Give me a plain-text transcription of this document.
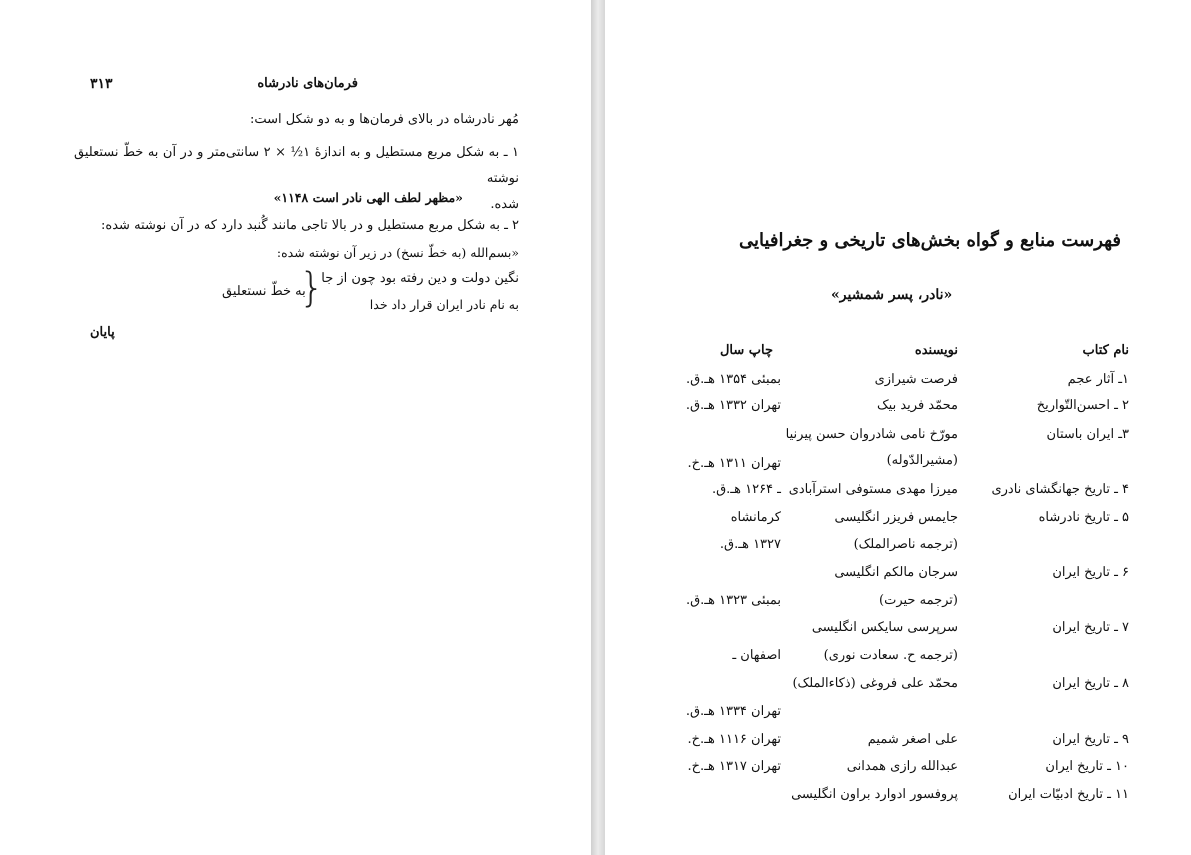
۳۱۳	فرمان‌های نادرشاه
مُهر نادرشاه در بالای فرمان‌ها و به دو شکل است:
۱ ـ به شکل مربع مستطیل و به اندازهٔ ۱½ × ۲ سانتی‌متر و در آن به خطّ نستعلیق نوشته
شده.
«مظهر لطف الهی نادر است ۱۱۴۸»
۲ ـ به شکل مربع مستطیل و در بالا تاجی مانند گُنبد دارد که در آن نوشته شده:
«بسم‌الله (به خطّ نسخ) در زیر آن نوشته شده:
نگین دولت و دین رفته بود چون از جا
به نام نادر ایران قرار داد خدا
}
به خطّ نستعلیق
پایان
فهرست منابع و گواه بخش‌های تاریخی و جغرافیایی
«نادر، پسر شمشیر»
نام کتاب
نویسنده
چاپ سال
۱ـ آثار عجم
فرصت شیرازی
بمبئی ۱۳۵۴ هـ.ق.
۲ ـ احسن‌التّواریخ
محمّد فرید بیک
تهران ۱۳۳۲ هـ.ق.
۳ـ ایران باستان
مورّخ نامی شادروان حسن پیرنیا
(مشیرالدّوله)
تهران ۱۳۱۱ هـ.خ.
۴ ـ تاریخ جهانگشای نادری
میرزا مهدی مستوفی استرآبادی
ـ ۱۲۶۴ هـ.ق.
۵ ـ تاریخ نادرشاه
جایمس فریزر انگلیسی
کرمانشاه
(ترجمه ناصرالملک)
۱۳۲۷ هـ.ق.
۶ ـ تاریخ ایران
سرجان مالکم انگلیسی
(ترجمه حیرت)
بمبئی ۱۳۲۳ هـ.ق.
۷ ـ تاریخ ایران
سرپرسی سایکس انگلیسی
(ترجمه ح. سعادت نوری)
اصفهان ـ
۸ ـ تاریخ ایران
محمّد علی فروغی (ذکاءالملک)
تهران ۱۳۳۴ هـ.ق.
۹ ـ تاریخ ایران
علی اصغر شمیم
تهران ۱۱۱۶ هـ.خ.
۱۰ ـ تاریخ ایران
عبدالله رازی همدانی
تهران ۱۳۱۷ هـ.خ.
۱۱ ـ تاریخ ادبیّات ایران
پروفسور ادوارد براون انگلیسی
